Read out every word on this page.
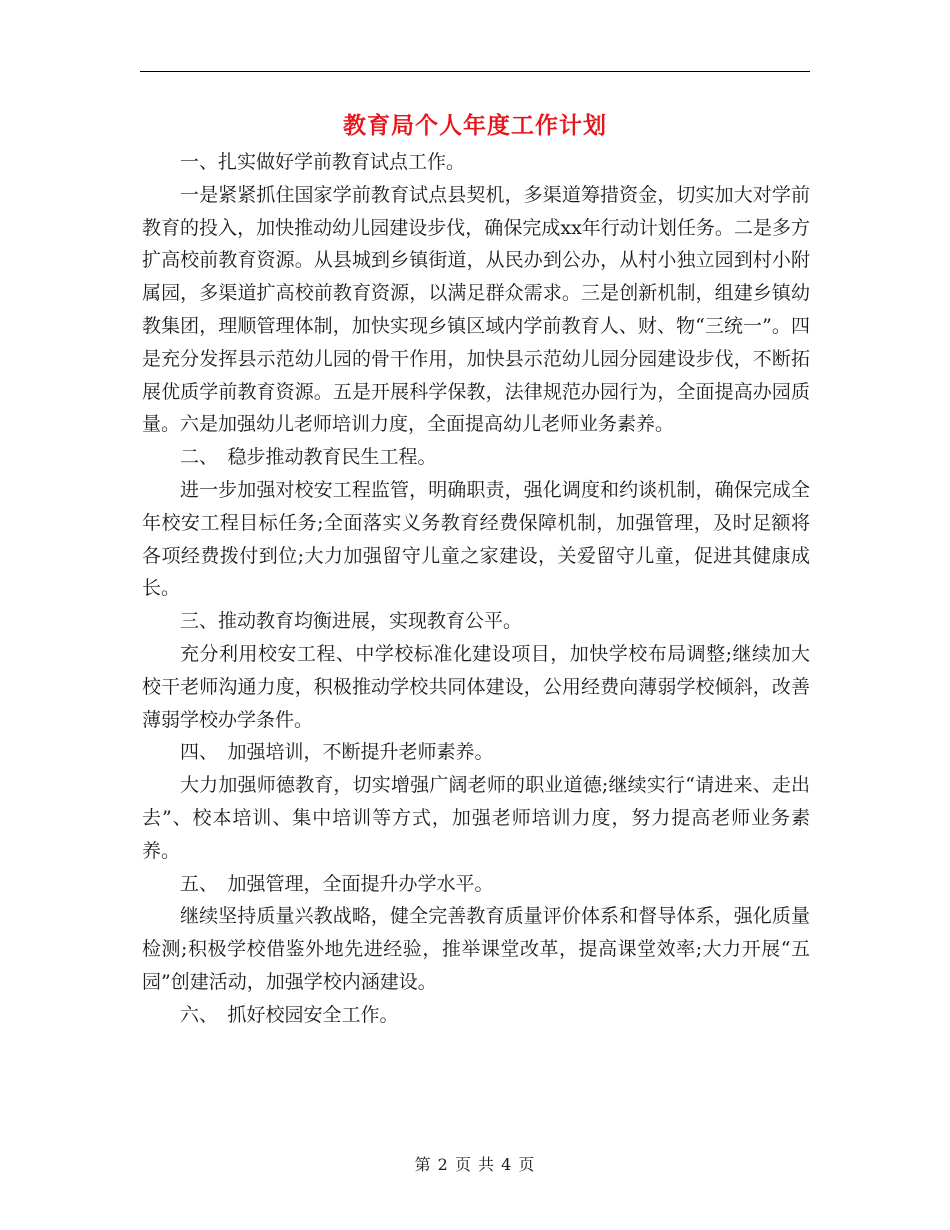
教育局个人年度工作计划

一、扎实做好学前教育试点工作。

一是紧紧抓住国家学前教育试点县契机，多渠道筹措资金，切实加大对学前教育的投入，加快推动幼儿园建设步伐，确保完成xx年行动计划任务。二是多方扩高校前教育资源。从县城到乡镇街道，从民办到公办，从村小独立园到村小附属园，多渠道扩高校前教育资源，以满足群众需求。三是创新机制，组建乡镇幼教集团，理顺管理体制，加快实现乡镇区域内学前教育人、财、物“三统一”。四是充分发挥县示范幼儿园的骨干作用，加快县示范幼儿园分园建设步伐，不断拓展优质学前教育资源。五是开展科学保教，法律规范办园行为，全面提高办园质量。六是加强幼儿老师培训力度，全面提高幼儿老师业务素养。

二、　稳步推动教育民生工程。

进一步加强对校安工程监管，明确职责，强化调度和约谈机制，确保完成全年校安工程目标任务;全面落实义务教育经费保障机制，加强管理，及时足额将各项经费拨付到位;大力加强留守儿童之家建设，关爱留守儿童，促进其健康成长。

三、推动教育均衡进展，实现教育公平。

充分利用校安工程、中学校标准化建设项目，加快学校布局调整;继续加大校干老师沟通力度，积极推动学校共同体建设，公用经费向薄弱学校倾斜，改善薄弱学校办学条件。

四、　加强培训，不断提升老师素养。

大力加强师德教育，切实增强广阔老师的职业道德;继续实行“请进来、走出去”、校本培训、集中培训等方式，加强老师培训力度，努力提高老师业务素养。

五、　加强管理，全面提升办学水平。

继续坚持质量兴教战略，健全完善教育质量评价体系和督导体系，强化质量检测;积极学校借鉴外地先进经验，推举课堂改革，提高课堂效率;大力开展“五园”创建活动，加强学校内涵建设。

六、　抓好校园安全工作。

第 2 页 共 4 页
